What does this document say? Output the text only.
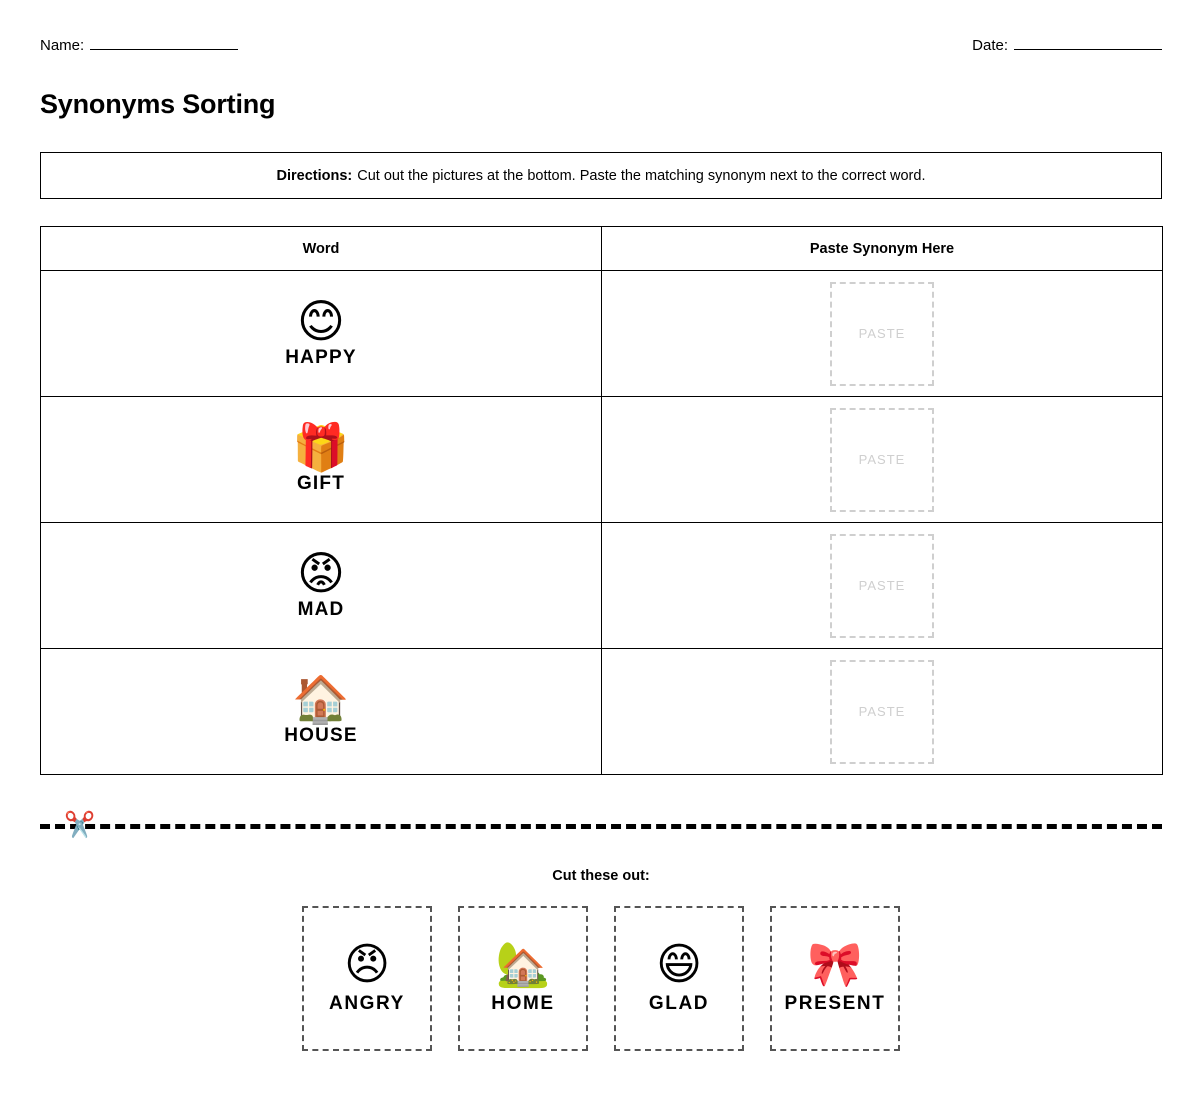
Name:	Date:
Synonyms Sorting
Directions: Cut out the pictures at the bottom. Paste the matching synonym next to the correct word.
Word	Paste Synonym Here

😊
HAPPY	PASTE

🎁
GIFT	PASTE

😡
MAD	PASTE

🏠
HOUSE	PASTE
✂️
Cut these out:
😠
ANGRY
🏡
HOME
😄
GLAD
🎀
PRESENT
